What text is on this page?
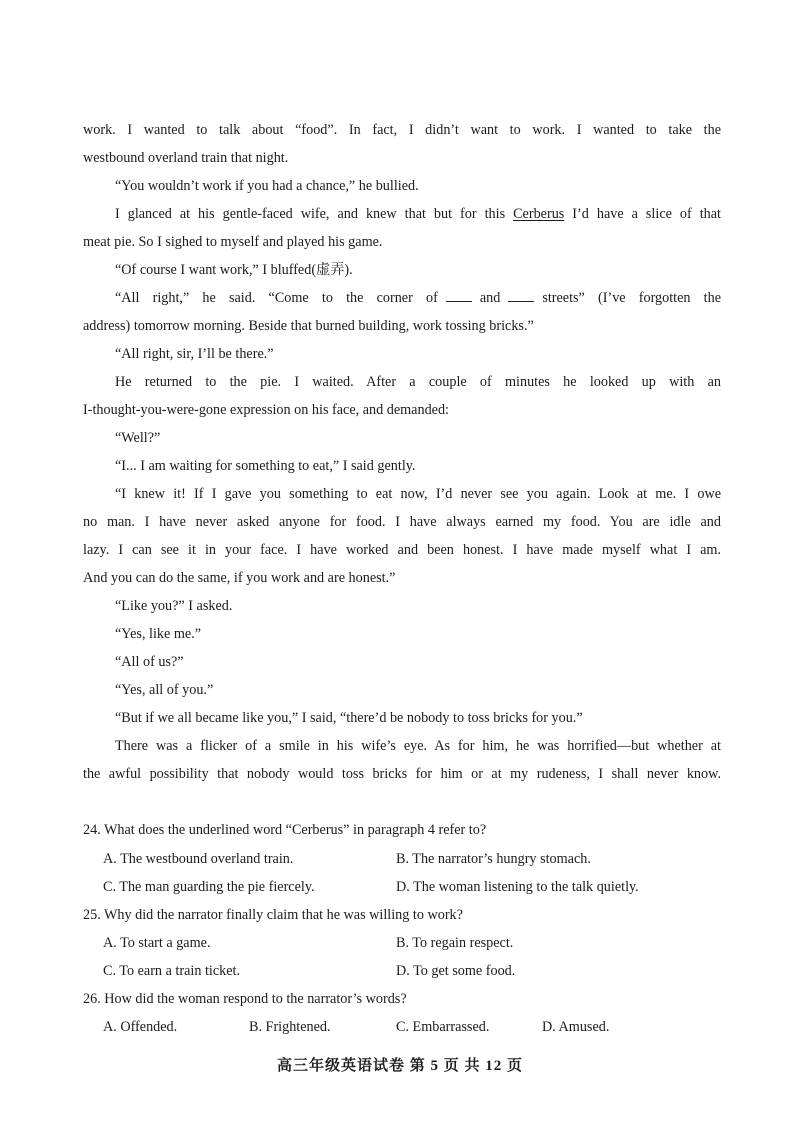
work. I wanted to talk about “food”. In fact, I didn’t want to work. I wanted to take the
westbound overland train that night.
“You wouldn’t work if you had a chance,” he bullied.
I glanced at his gentle-faced wife, and knew that but for this Cerberus I’d have a slice of that
meat pie. So I sighed to myself and played his game.
“Of course I want work,” I bluffed(虚弄).
“All right,” he said. “Come to the corner of	and	streets” (I’ve forgotten the
address) tomorrow morning. Beside that burned building, work tossing bricks.”
“All right, sir, I’ll be there.”
He returned to the pie. I waited. After a couple of minutes he looked up with an
I-thought-you-were-gone expression on his face, and demanded:
“Well?”
“I... I am waiting for something to eat,” I said gently.
“I knew it! If I gave you something to eat now, I’d never see you again. Look at me. I owe
no man. I have never asked anyone for food. I have always earned my food. You are idle and
lazy. I can see it in your face. I have worked and been honest. I have made myself what I am.
And you can do the same, if you work and are honest.”
“Like you?” I asked.
“Yes, like me.”
“All of us?”
“Yes, all of you.”
“But if we all became like you,” I said, “there’d be nobody to toss bricks for you.”
There was a flicker of a smile in his wife’s eye. As for him, he was horrified—but whether at
the awful possibility that nobody would toss bricks for him or at my rudeness, I shall never know.
24. What does the underlined word “Cerberus” in paragraph 4 refer to?
A. The westbound overland train.	B. The narrator’s hungry stomach.
C. The man guarding the pie fiercely.	D. The woman listening to the talk quietly.
25. Why did the narrator finally claim that he was willing to work?
A. To start a game.	B. To regain respect.
C. To earn a train ticket.	D. To get some food.
26. How did the woman respond to the narrator’s words?
A. Offended.	B. Frightened.	C. Embarrassed.	D. Amused.
高三年级英语试卷 第 5 页 共 12 页
